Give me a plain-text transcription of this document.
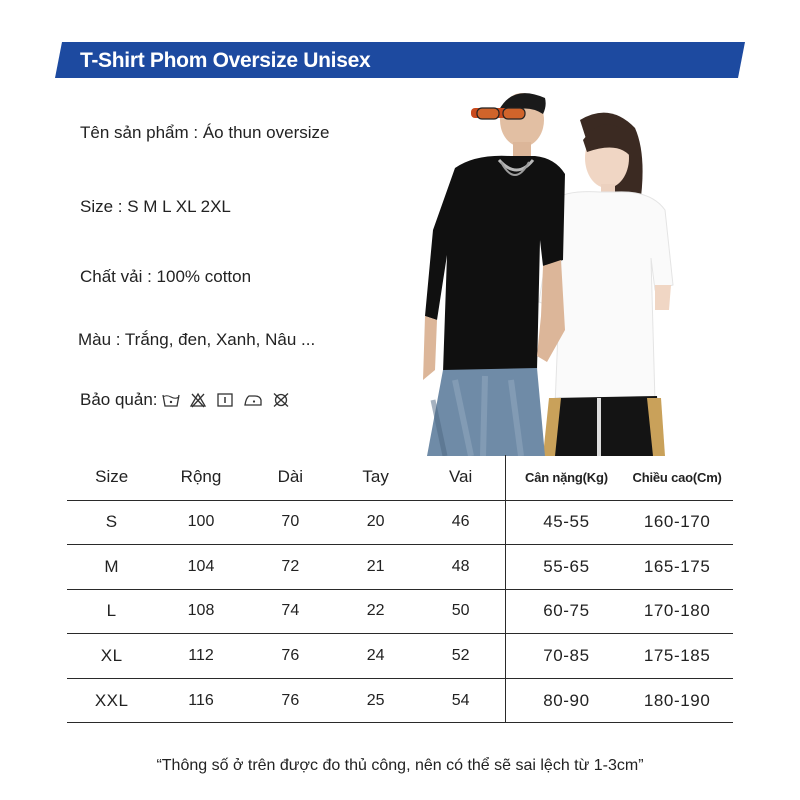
T-Shirt Phom Oversize Unisex
Tên sản phẩm : Áo thun oversize
Size : S M L XL 2XL
Chất vải : 100% cotton
Màu : Trắng, đen, Xanh, Nâu ...
Bảo quản:
Size	Rộng	Dài	Tay	Vai		Cân nặng(Kg)	Chiều cao(Cm)
S	100	70	20	46		45-55	160-170
M	104	72	21	48		55-65	165-175
L	108	74	22	50		60-75	170-180
XL	112	76	24	52		70-85	175-185
XXL	116	76	25	54		80-90	180-190
“Thông số ở trên được đo thủ công, nên có thể sẽ sai lệch từ 1-3cm”
